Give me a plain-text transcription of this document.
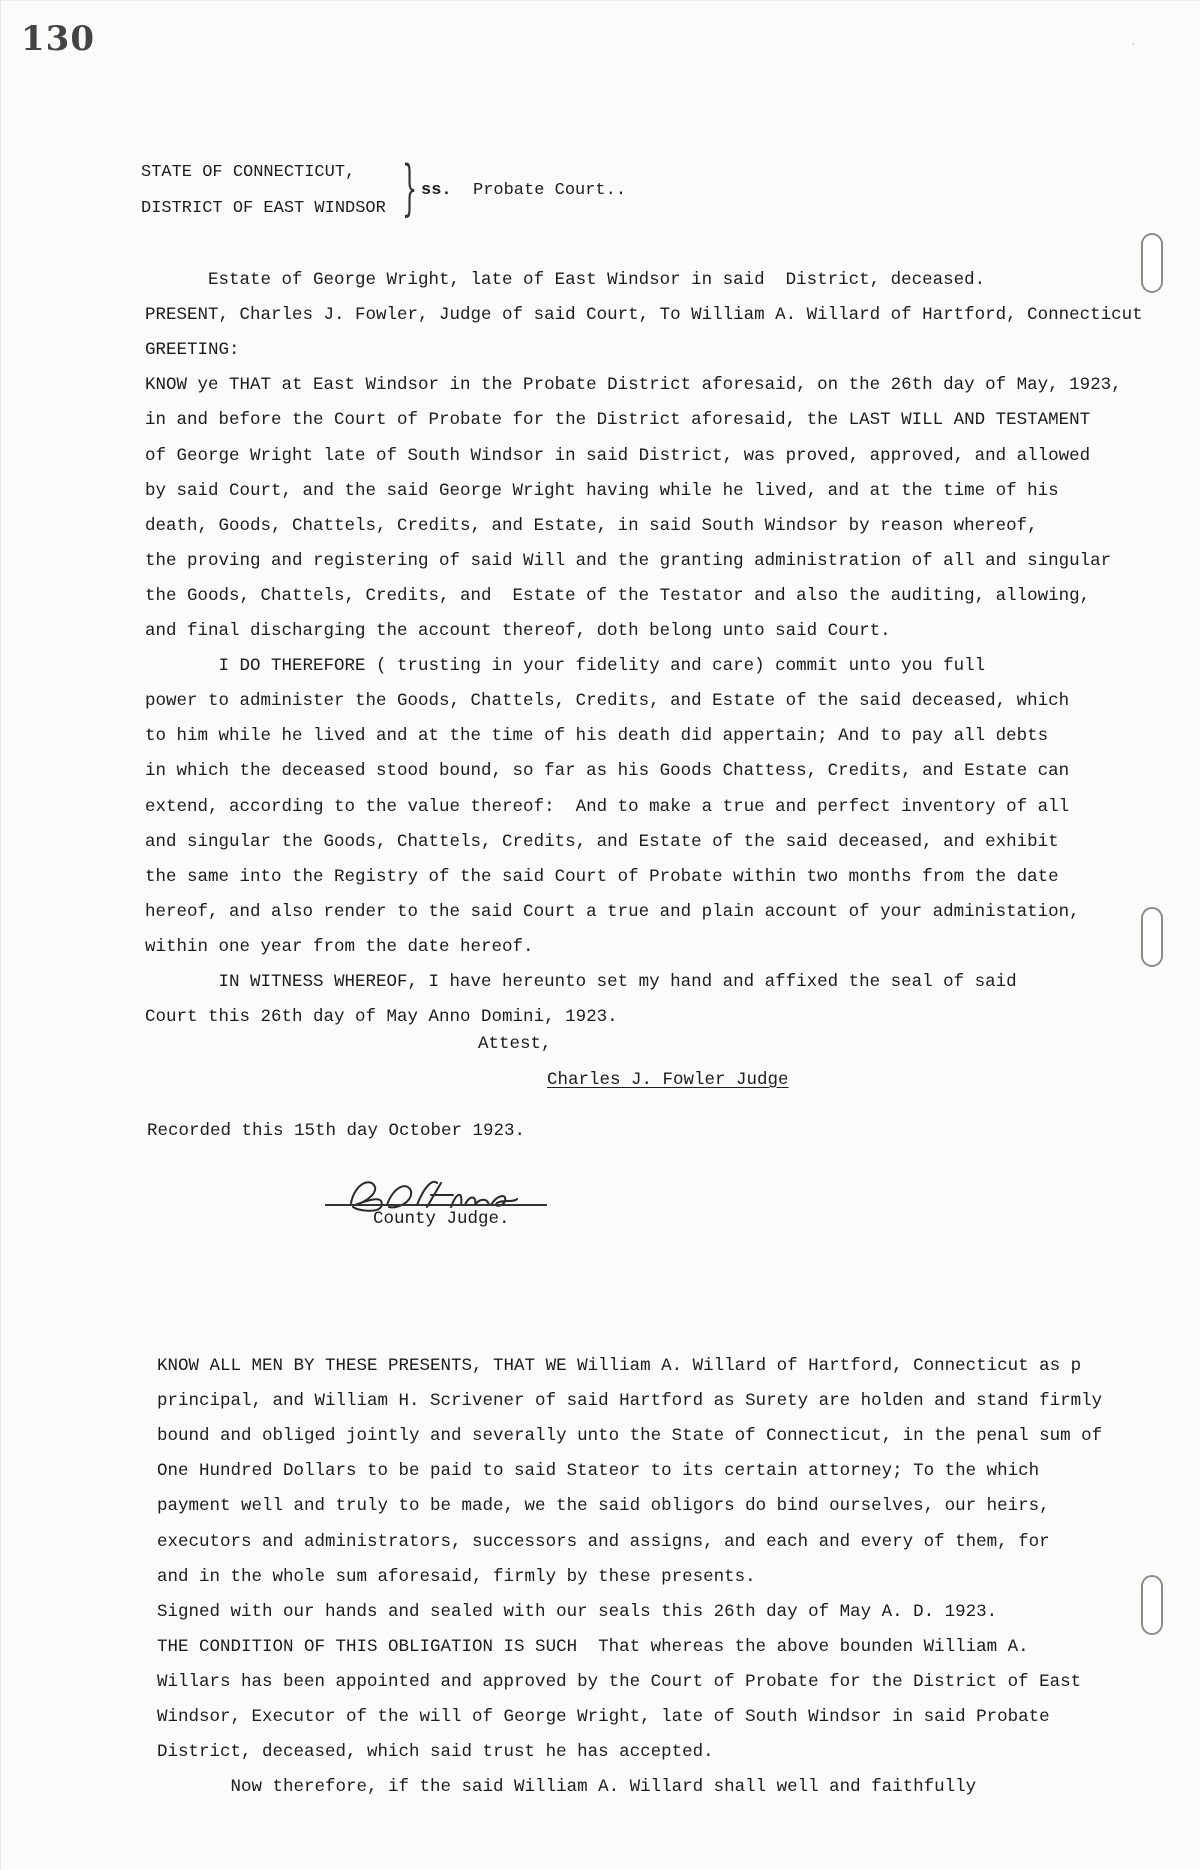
130	ˌ
STATE OF CONNECTICUT,
DISTRICT OF EAST WINDSOR } ss. Probate Court..
Estate of George Wright, late of East Windsor in said  District, deceased.
PRESENT, Charles J. Fowler, Judge of said Court, To William A. Willard of Hartford, Connecticut
GREETING:
KNOW ye THAT at East Windsor in the Probate District aforesaid, on the 26th day of May, 1923,
in and before the Court of Probate for the District aforesaid, the LAST WILL AND TESTAMENT
of George Wright late of South Windsor in said District, was proved, approved, and allowed
by said Court, and the said George Wright having while he lived, and at the time of his
death, Goods, Chattels, Credits, and Estate, in said South Windsor by reason whereof,
the proving and registering of said Will and the granting administration of all and singular
the Goods, Chattels, Credits, and  Estate of the Testator and also the auditing, allowing,
and final discharging the account thereof, doth belong unto said Court.
I DO THEREFORE ( trusting in your fidelity and care) commit unto you full
power to administer the Goods, Chattels, Credits, and Estate of the said deceased, which
to him while he lived and at the time of his death did appertain; And to pay all debts
in which the deceased stood bound, so far as his Goods Chattess, Credits, and Estate can
extend, according to the value thereof:  And to make a true and perfect inventory of all
and singular the Goods, Chattels, Credits, and Estate of the said deceased, and exhibit
the same into the Registry of the said Court of Probate within two months from the date
hereof, and also render to the said Court a true and plain account of your administation,
within one year from the date hereof.
IN WITNESS WHEREOF, I have hereunto set my hand and affixed the seal of said
Court this 26th day of May Anno Domini, 1923.
Attest,
Charles J. Fowler Judge
Recorded this 15th day October 1923.
County Judge.
KNOW ALL MEN BY THESE PRESENTS, THAT WE William A. Willard of Hartford, Connecticut as p
principal, and William H. Scrivener of said Hartford as Surety are holden and stand firmly
bound and obliged jointly and severally unto the State of Connecticut, in the penal sum of
One Hundred Dollars to be paid to said Stateor to its certain attorney; To the which
payment well and truly to be made, we the said obligors do bind ourselves, our heirs,
executors and administrators, successors and assigns, and each and every of them, for
and in the whole sum aforesaid, firmly by these presents.
Signed with our hands and sealed with our seals this 26th day of May A. D. 1923.
THE CONDITION OF THIS OBLIGATION IS SUCH  That whereas the above bounden William A.
Willars has been appointed and approved by the Court of Probate for the District of East
Windsor, Executor of the will of George Wright, late of South Windsor in said Probate
District, deceased, which said trust he has accepted.
Now therefore, if the said William A. Willard shall well and faithfully
